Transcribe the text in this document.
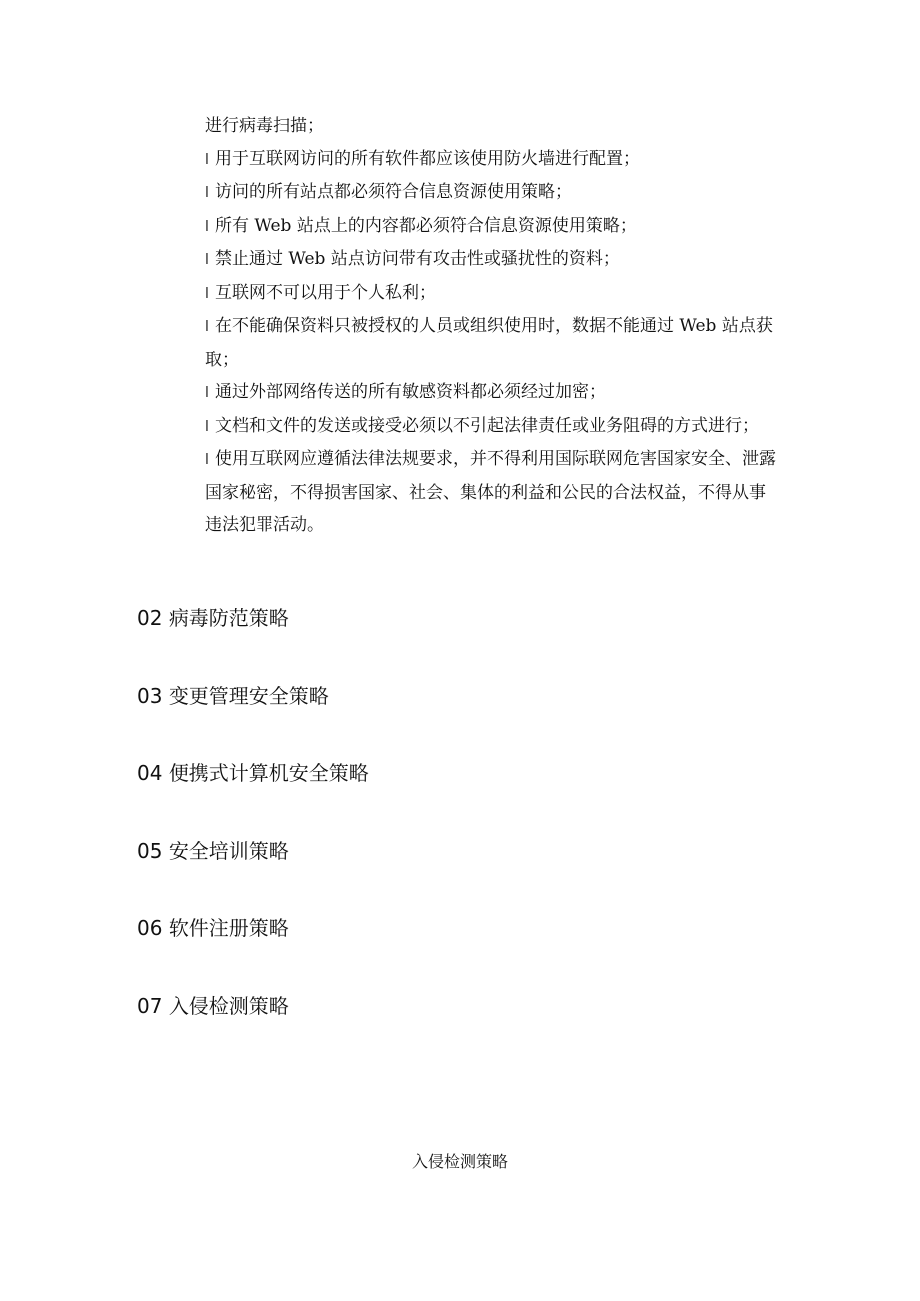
进行病毒扫描；

l 用于互联网访问的所有软件都应该使用防火墙进行配置；

l 访问的所有站点都必须符合信息资源使用策略；

l 所有 Web 站点上的内容都必须符合信息资源使用策略；

l 禁止通过 Web 站点访问带有攻击性或骚扰性的资料；

l 互联网不可以用于个人私利；

l 在不能确保资料只被授权的人员或组织使用时，数据不能通过 Web 站点获取；

l 通过外部网络传送的所有敏感资料都必须经过加密；

l 文档和文件的发送或接受必须以不引起法律责任或业务阻碍的方式进行；

l 使用互联网应遵循法律法规要求，并不得利用国际联网危害国家安全、泄露国家秘密，不得损害国家、社会、集体的利益和公民的合法权益，不得从事违法犯罪活动。

02 病毒防范策略
03 变更管理安全策略
04 便携式计算机安全策略
05 安全培训策略
06 软件注册策略
07 入侵检测策略
入侵检测策略
